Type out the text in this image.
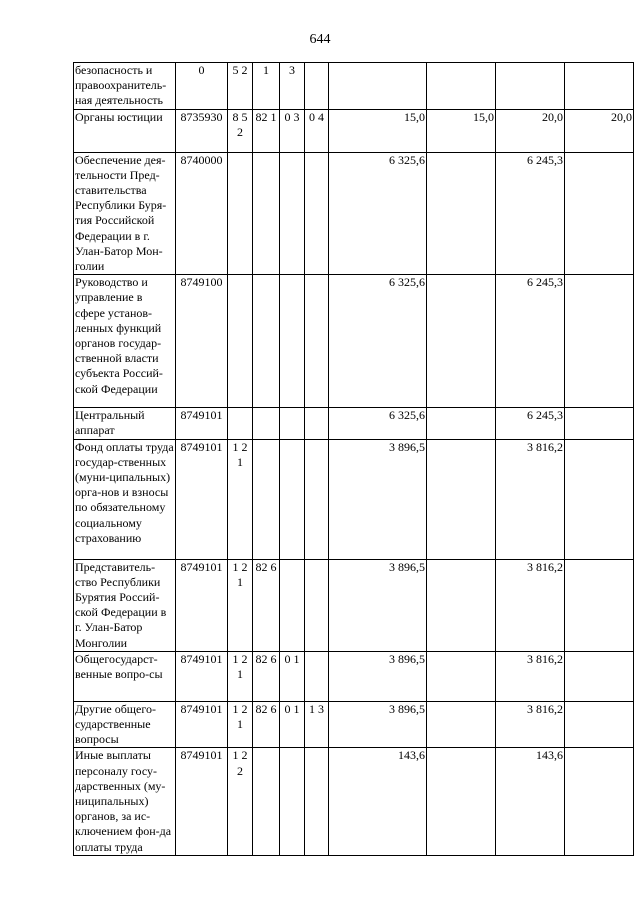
644
безопасность и правоохранитель-ная деятельность	0	5 2	1	3					
Органы юстиции	8735930	8 5 2	82 1	0 3	0 4	15,0	15,0	20,0	20,0
Обеспечение дея-тельности Пред-ставительства Республики Буря-тия Российской Федерации в г. Улан-Батор Мон-голии	8740000					6 325,6		6 245,3	
Руководство и управление в сфере установ-ленных функций органов государ-ственной власти субъекта Россий-ской Федерации	8749100					6 325,6		6 245,3	
Центральный аппарат	8749101					6 325,6		6 245,3	
Фонд оплаты труда государ-ственных (муни-ципальных) орга-нов и взносы по обязательному социальному страхованию	8749101	1 2 1				3 896,5		3 816,2	
Представитель-ство Республики Бурятия Россий-ской Федерации в г. Улан-Батор Монголии	8749101	1 2 1	82 6			3 896,5		3 816,2	
Общегосударст-венные вопро-сы	8749101	1 2 1	82 6	0 1		3 896,5		3 816,2	
Другие общего-сударственные вопросы	8749101	1 2 1	82 6	0 1	1 3	3 896,5		3 816,2	
Иные выплаты персоналу госу-дарственных (му-ниципальных) органов, за ис-ключением фон-да оплаты труда	8749101	1 2 2				143,6		143,6	
